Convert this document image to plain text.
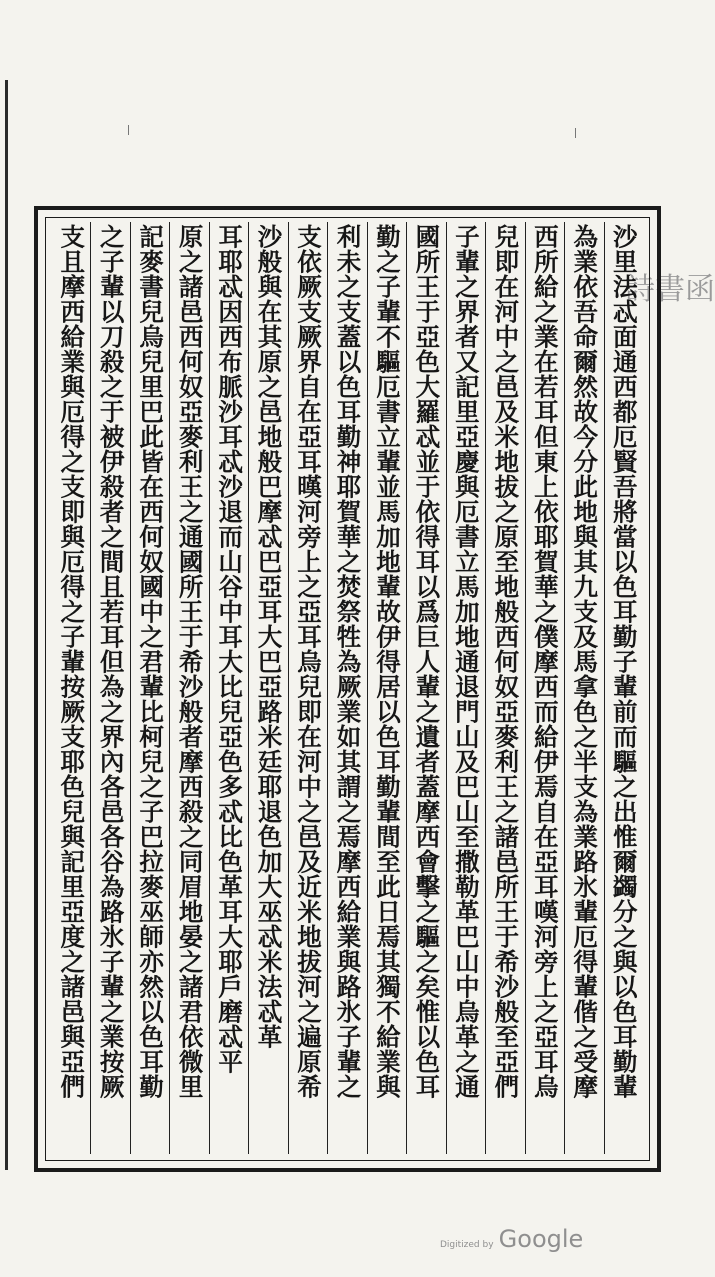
詩書函
沙里法忒面通西都厄賢吾將當以色耳勤子輩前而驅之出惟爾蠲分之與以色耳勤輩
為業依吾命爾然故今分此地與其九支及馬拿色之半支為業路氷輩厄得輩偕之受摩
西所給之業在若耳但東上依耶賀華之僕摩西而給伊焉自在亞耳嘆河旁上之亞耳烏
兒即在河中之邑及米地拔之原至地般西何奴亞麥利王之諸邑所王于希沙般至亞們
子輩之界者又記里亞慶與厄書立馬加地通退門山及巴山至撒勒革巴山中烏革之通
國所王于亞色大羅忒並于依得耳以爲巨人輩之遺者蓋摩西會擊之驅之矣惟以色耳
勤之子輩不驅厄書立輩並馬加地輩故伊得居以色耳勤輩間至此日焉其獨不給業與
利未之支蓋以色耳勤神耶賀華之焚祭牲為厥業如其謂之焉摩西給業與路氷子輩之
支依厥支厥界自在亞耳暵河旁上之亞耳烏兒即在河中之邑及近米地拔河之遍原希
沙般與在其原之邑地般巴摩忒巴亞耳大巴亞路米廷耶退色加大巫忒米法忒革
耳耶忒因西布脈沙耳忒沙退而山谷中耳大比兒亞色多忒比色革耳大耶戶磨忒平
原之諸邑西何奴亞麥利王之通國所王于希沙般者摩西殺之同眉地晏之諸君依微里
記麥書兒烏兒里巴此皆在西何奴國中之君輩比柯兒之子巴拉麥巫師亦然以色耳勤
之子輩以刀殺之于被伊殺者之間且若耳但為之界內各邑各谷為路氷子輩之業按厥
支且摩西給業與厄得之支即與厄得之子輩按厥支耶色兒與記里亞度之諸邑與亞們
Digitized by Google
